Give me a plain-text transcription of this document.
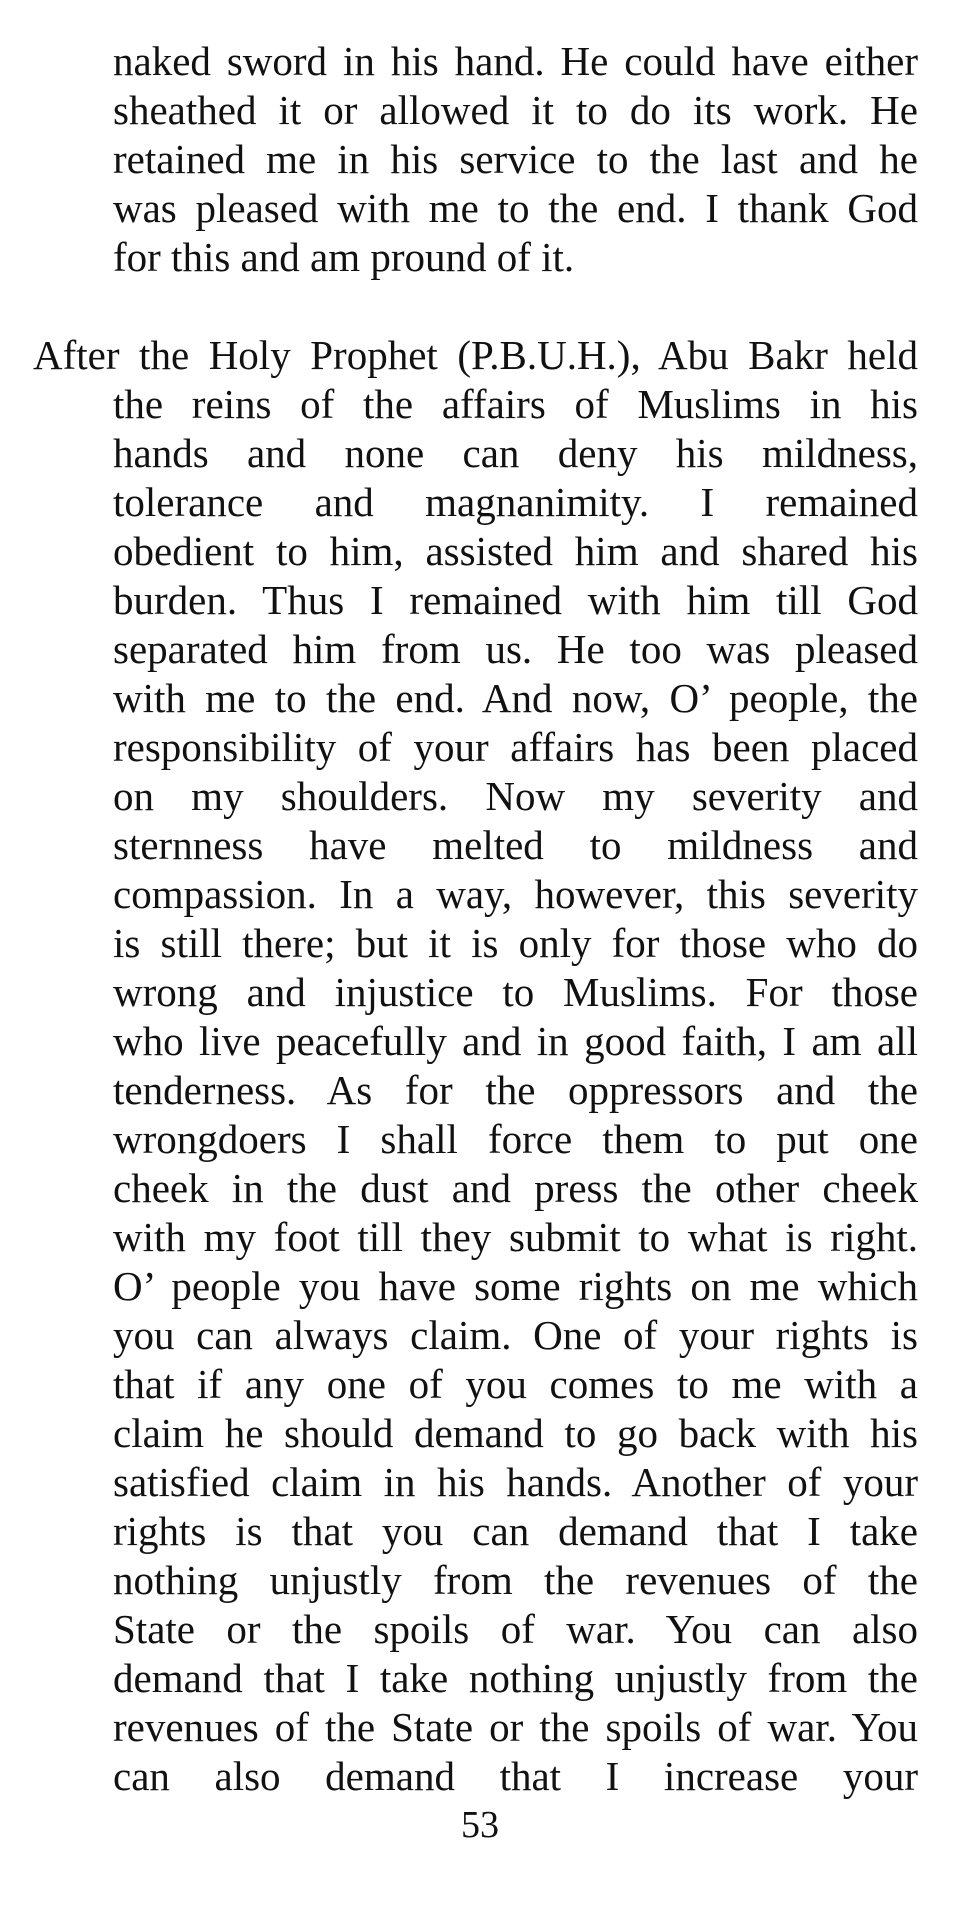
naked sword in his hand. He could have either
sheathed it or allowed it to do its work. He
retained me in his service to the last and he
was pleased with me to the end. I thank God
for this and am pround of it.
After the Holy Prophet (P.B.U.H.), Abu Bakr held
the reins of the affairs of Muslims in his
hands and none can deny his mildness,
tolerance and magnanimity. I remained
obedient to him, assisted him and shared his
burden. Thus I remained with him till God
separated him from us. He too was pleased
with me to the end. And now, O’ people, the
responsibility of your affairs has been placed
on my shoulders. Now my severity and
sternness have melted to mildness and
compassion. In a way, however, this severity
is still there; but it is only for those who do
wrong and injustice to Muslims. For those
who live peacefully and in good faith, I am all
tenderness. As for the oppressors and the
wrongdoers I shall force them to put one
cheek in the dust and press the other cheek
with my foot till they submit to what is right.
O’ people you have some rights on me which
you can always claim. One of your rights is
that if any one of you comes to me with a
claim he should demand to go back with his
satisfied claim in his hands. Another of your
rights is that you can demand that I take
nothing unjustly from the revenues of the
State or the spoils of war. You can also
demand that I take nothing unjustly from the
revenues of the State or the spoils of war. You
can also demand that I increase your
53
